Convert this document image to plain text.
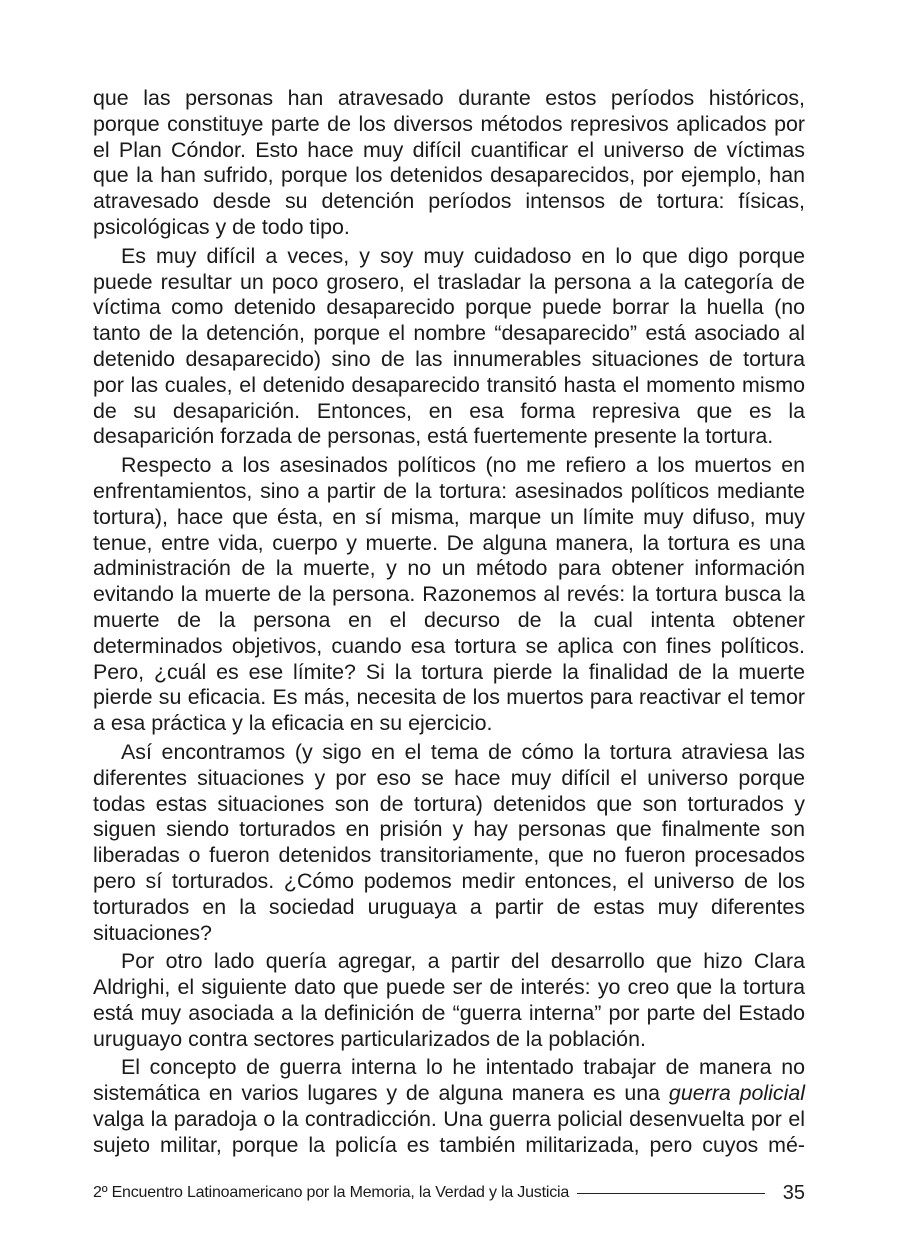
que las personas han atravesado durante estos períodos históricos, porque constituye parte de los diversos métodos represivos aplicados por el Plan Cóndor. Esto hace muy difícil cuantificar el universo de víctimas que la han sufrido, porque los detenidos desaparecidos, por ejemplo, han atravesado desde su detención períodos intensos de tortura: físicas, psicológicas y de todo tipo.

Es muy difícil a veces, y soy muy cuidadoso en lo que digo porque puede resultar un poco grosero, el trasladar la persona a la categoría de víctima como detenido desaparecido porque puede borrar la huella (no tanto de la detención, porque el nombre “desaparecido” está asociado al detenido desaparecido) sino de las innumerables situaciones de tortura por las cuales, el detenido desaparecido transitó hasta el momento mismo de su desaparición. Entonces, en esa forma represiva que es la desaparición forzada de personas, está fuertemente presente la tortura.

Respecto a los asesinados políticos (no me refiero a los muertos en enfrentamientos, sino a partir de la tortura: asesinados políticos mediante tortura), hace que ésta, en sí misma, marque un límite muy difuso, muy tenue, entre vida, cuerpo y muerte. De alguna manera, la tortura es una administración de la muerte, y no un método para obtener información evitando la muerte de la persona. Razonemos al revés: la tortura busca la muerte de la persona en el decurso de la cual intenta obtener determinados objetivos, cuando esa tortura se aplica con fines políticos. Pero, ¿cuál es ese límite? Si la tortura pierde la finalidad de la muerte pierde su eficacia. Es más, necesita de los muertos para reactivar el temor a esa práctica y la eficacia en su ejercicio.

Así encontramos (y sigo en el tema de cómo la tortura atraviesa las diferentes situaciones y por eso se hace muy difícil el universo porque todas estas situaciones son de tortura) detenidos que son torturados y siguen siendo torturados en prisión y hay personas que finalmente son liberadas o fueron detenidos transitoriamente, que no fueron procesados pero sí torturados. ¿Cómo podemos medir entonces, el universo de los torturados en la sociedad uruguaya a partir de estas muy diferentes situaciones?

Por otro lado quería agregar, a partir del desarrollo que hizo Clara Aldrighi, el siguiente dato que puede ser de interés: yo creo que la tortura está muy asociada a la definición de “guerra interna” por parte del Estado uruguayo contra sectores particularizados de la población.

El concepto de guerra interna lo he intentado trabajar de manera no sistemática en varios lugares y de alguna manera es una guerra policial valga la paradoja o la contradicción. Una guerra policial desenvuelta por el sujeto militar, porque la policía es también militarizada, pero cuyos mé-

2º Encuentro Latinoamericano por la Memoria, la Verdad y la Justicia	35
